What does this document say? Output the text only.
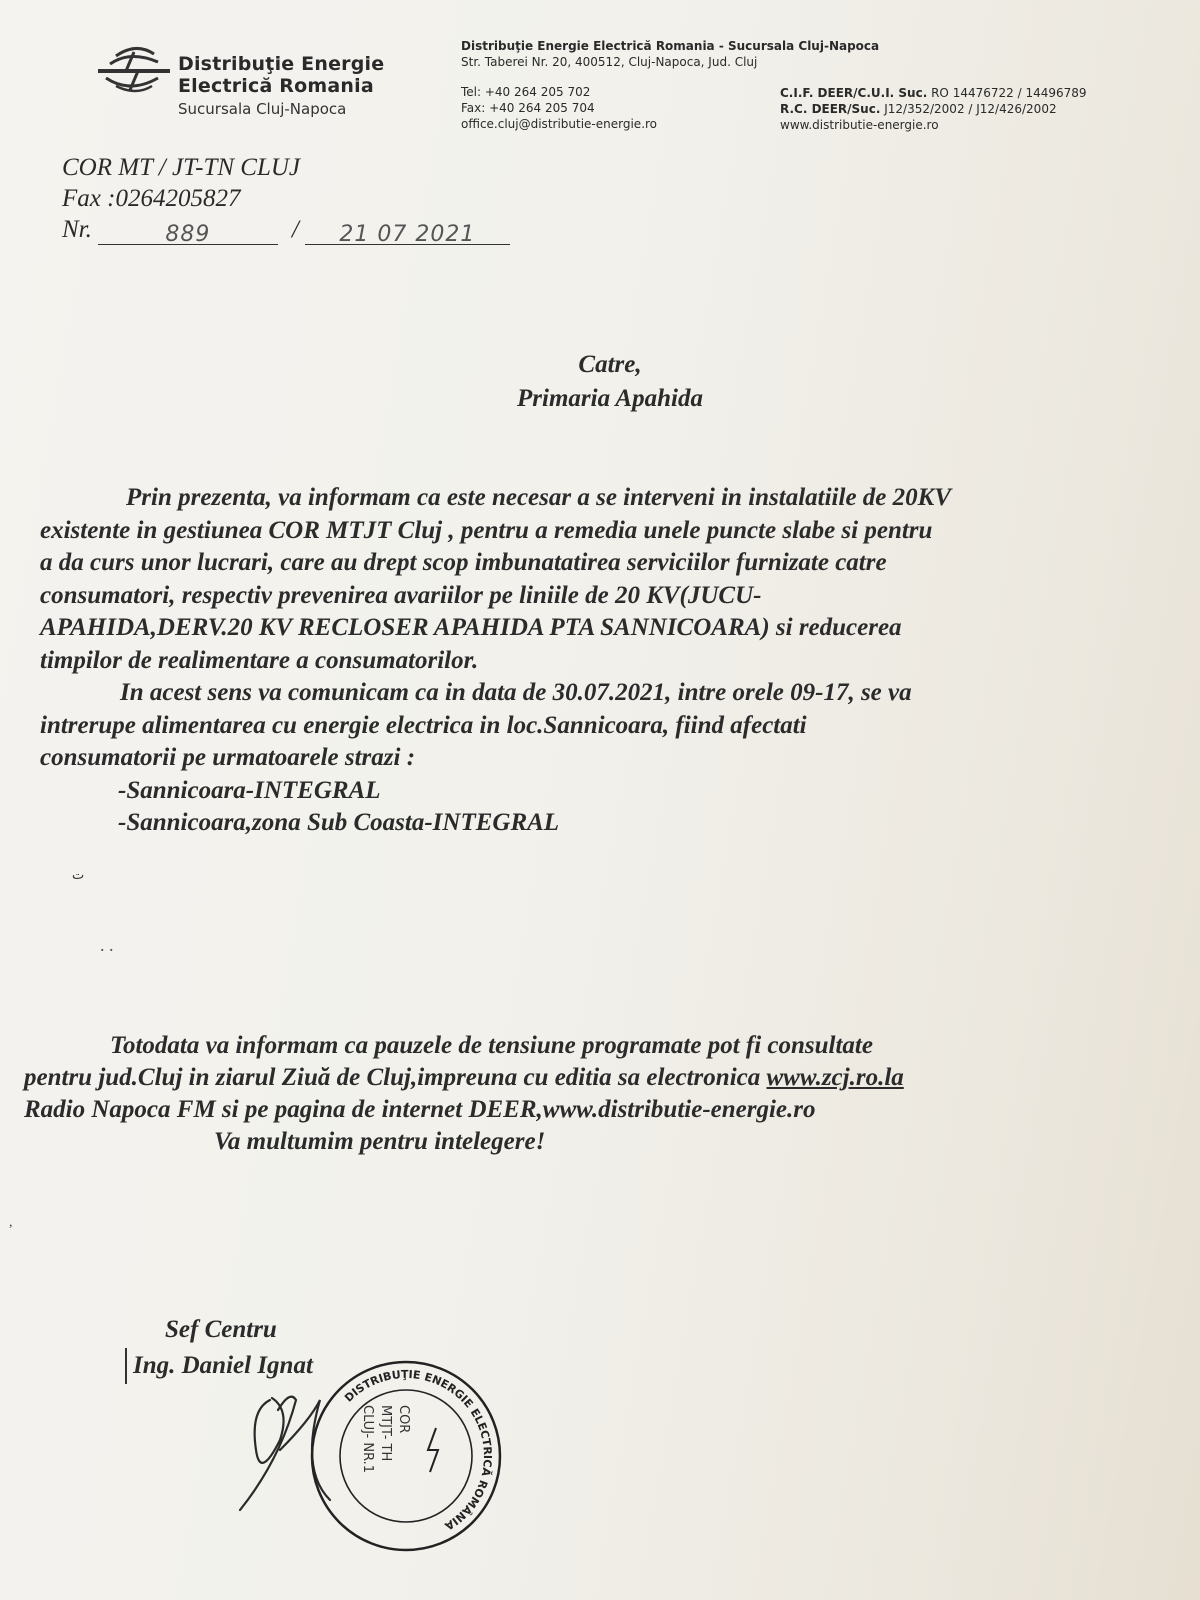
Distribuţie Energie
Electrică Romania
Sucursala Cluj-Napoca
Distribuţie Energie Electrică Romania - Sucursala Cluj-Napoca
Str. Taberei Nr. 20, 400512, Cluj-Napoca, Jud. Cluj
Tel: +40 264 205 702
Fax: +40 264 205 704
office.cluj@distributie-energie.ro
C.I.F. DEER/C.U.I. Suc. RO 14476722 / 14496789
R.C. DEER/Suc. J12/352/2002 / J12/426/2002
www.distributie-energie.ro
COR MT / JT-TN CLUJ
Fax :0264205827
Nr.	889	/	21 07 2021
Catre,
Primaria Apahida

Prin prezenta, va informam ca este necesar a se interveni in instalatiile de 20KV

existente in gestiunea COR MTJT Cluj , pentru a remedia unele puncte slabe si pentru

a da curs unor lucrari, care au drept scop imbunatatirea serviciilor furnizate catre

consumatori, respectiv prevenirea avariilor pe liniile de 20 KV(JUCU-

APAHIDA,DERV.20 KV RECLOSER APAHIDA PTA SANNICOARA) si reducerea

timpilor de realimentare a consumatorilor.

In acest sens va comunicam ca in data de 30.07.2021, intre orele 09-17, se va

intrerupe alimentarea cu energie electrica in loc.Sannicoara, fiind afectati

consumatorii pe urmatoarele strazi :

-Sannicoara-INTEGRAL

-Sannicoara,zona Sub Coasta-INTEGRAL

ت
. .
,

Totodata va informam ca pauzele de tensiune programate pot fi consultate

pentru jud.Cluj in ziarul Ziuă de Cluj,impreuna cu editia sa electronica www.zcj.ro.la

Radio Napoca FM si pe pagina de internet DEER,www.distributie-energie.ro

Va multumim pentru intelegere!

Sef Centru
Ing. Daniel Ignat
DISTRIBUŢIE ENERGIE ELECTRICĂ ROMÂNIA
COR
MTJT- TH
CLUJ- NR.1
